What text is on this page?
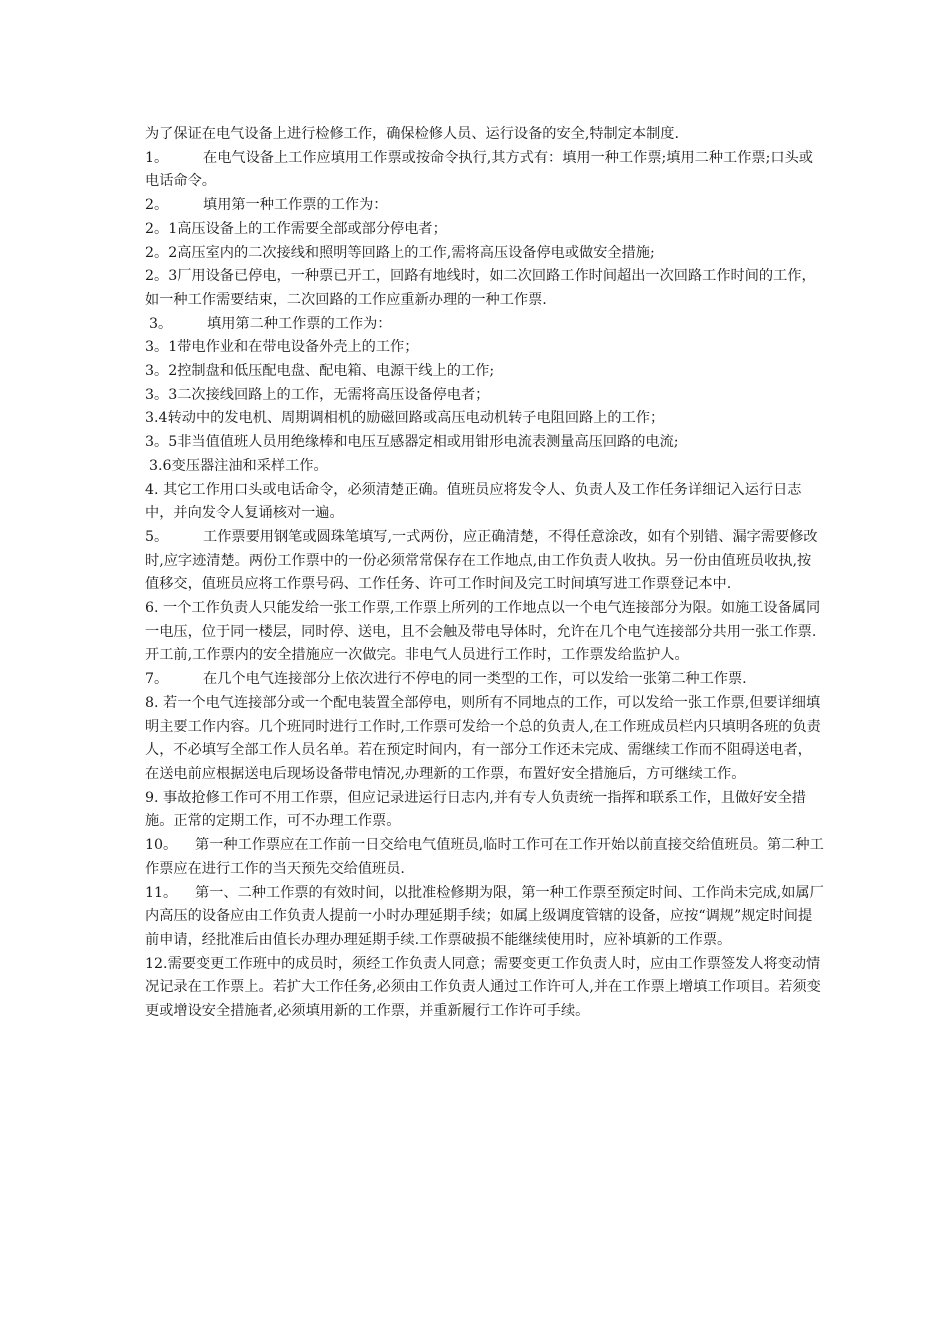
为了保证在电气设备上进行检修工作，确保检修人员、运行设备的安全,特制定本制度.

1。 在电气设备上工作应填用工作票或按命令执行,其方式有：填用一种工作票;填用二种工作票;口头或电话命令。

2。 填用第一种工作票的工作为：

2。1高压设备上的工作需要全部或部分停电者；

2。2高压室内的二次接线和照明等回路上的工作,需将高压设备停电或做安全措施;

2。3厂用设备已停电，一种票已开工，回路有地线时，如二次回路工作时间超出一次回路工作时间的工作，如一种工作需要结束，二次回路的工作应重新办理的一种工作票.

3。 填用第二种工作票的工作为：

3。1带电作业和在带电设备外壳上的工作；

3。2控制盘和低压配电盘、配电箱、电源干线上的工作;

3。3二次接线回路上的工作，无需将高压设备停电者；

3.4转动中的发电机、周期调相机的励磁回路或高压电动机转子电阻回路上的工作；

3。5非当值值班人员用绝缘棒和电压互感器定相或用钳形电流表测量高压回路的电流;

3.6变压器注油和采样工作。

4. 其它工作用口头或电话命令，必须清楚正确。值班员应将发令人、负责人及工作任务详细记入运行日志中，并向发令人复诵核对一遍。

5。 工作票要用钢笔或圆珠笔填写,一式两份，应正确清楚，不得任意涂改，如有个别错、漏字需要修改时,应字迹清楚。两份工作票中的一份必须常常保存在工作地点,由工作负责人收执。另一份由值班员收执,按值移交，值班员应将工作票号码、工作任务、许可工作时间及完工时间填写进工作票登记本中.

6. 一个工作负责人只能发给一张工作票,工作票上所列的工作地点以一个电气连接部分为限。如施工设备属同一电压，位于同一楼层，同时停、送电，且不会触及带电导体时，允许在几个电气连接部分共用一张工作票.开工前,工作票内的安全措施应一次做完。非电气人员进行工作时，工作票发给监护人。

7。 在几个电气连接部分上依次进行不停电的同一类型的工作，可以发给一张第二种工作票.

8. 若一个电气连接部分或一个配电装置全部停电，则所有不同地点的工作，可以发给一张工作票,但要详细填明主要工作内容。几个班同时进行工作时,工作票可发给一个总的负责人,在工作班成员栏内只填明各班的负责人，不必填写全部工作人员名单。若在预定时间内，有一部分工作还未完成、需继续工作而不阻碍送电者，在送电前应根据送电后现场设备带电情况,办理新的工作票，布置好安全措施后，方可继续工作。

9. 事故抢修工作可不用工作票，但应记录进运行日志内,并有专人负责统一指挥和联系工作，且做好安全措施。正常的定期工作，可不办理工作票。

10。 第一种工作票应在工作前一日交给电气值班员,临时工作可在工作开始以前直接交给值班员。第二种工作票应在进行工作的当天预先交给值班员.

11。 第一、二种工作票的有效时间，以批准检修期为限，第一种工作票至预定时间、工作尚未完成,如属厂内高压的设备应由工作负责人提前一小时办理延期手续；如属上级调度管辖的设备，应按“调规”规定时间提前申请，经批准后由值长办理办理延期手续.工作票破损不能继续使用时，应补填新的工作票。

12.需要变更工作班中的成员时，须经工作负责人同意；需要变更工作负责人时，应由工作票签发人将变动情况记录在工作票上。若扩大工作任务,必须由工作负责人通过工作许可人,并在工作票上增填工作项目。若须变更或增设安全措施者,必须填用新的工作票，并重新履行工作许可手续。
